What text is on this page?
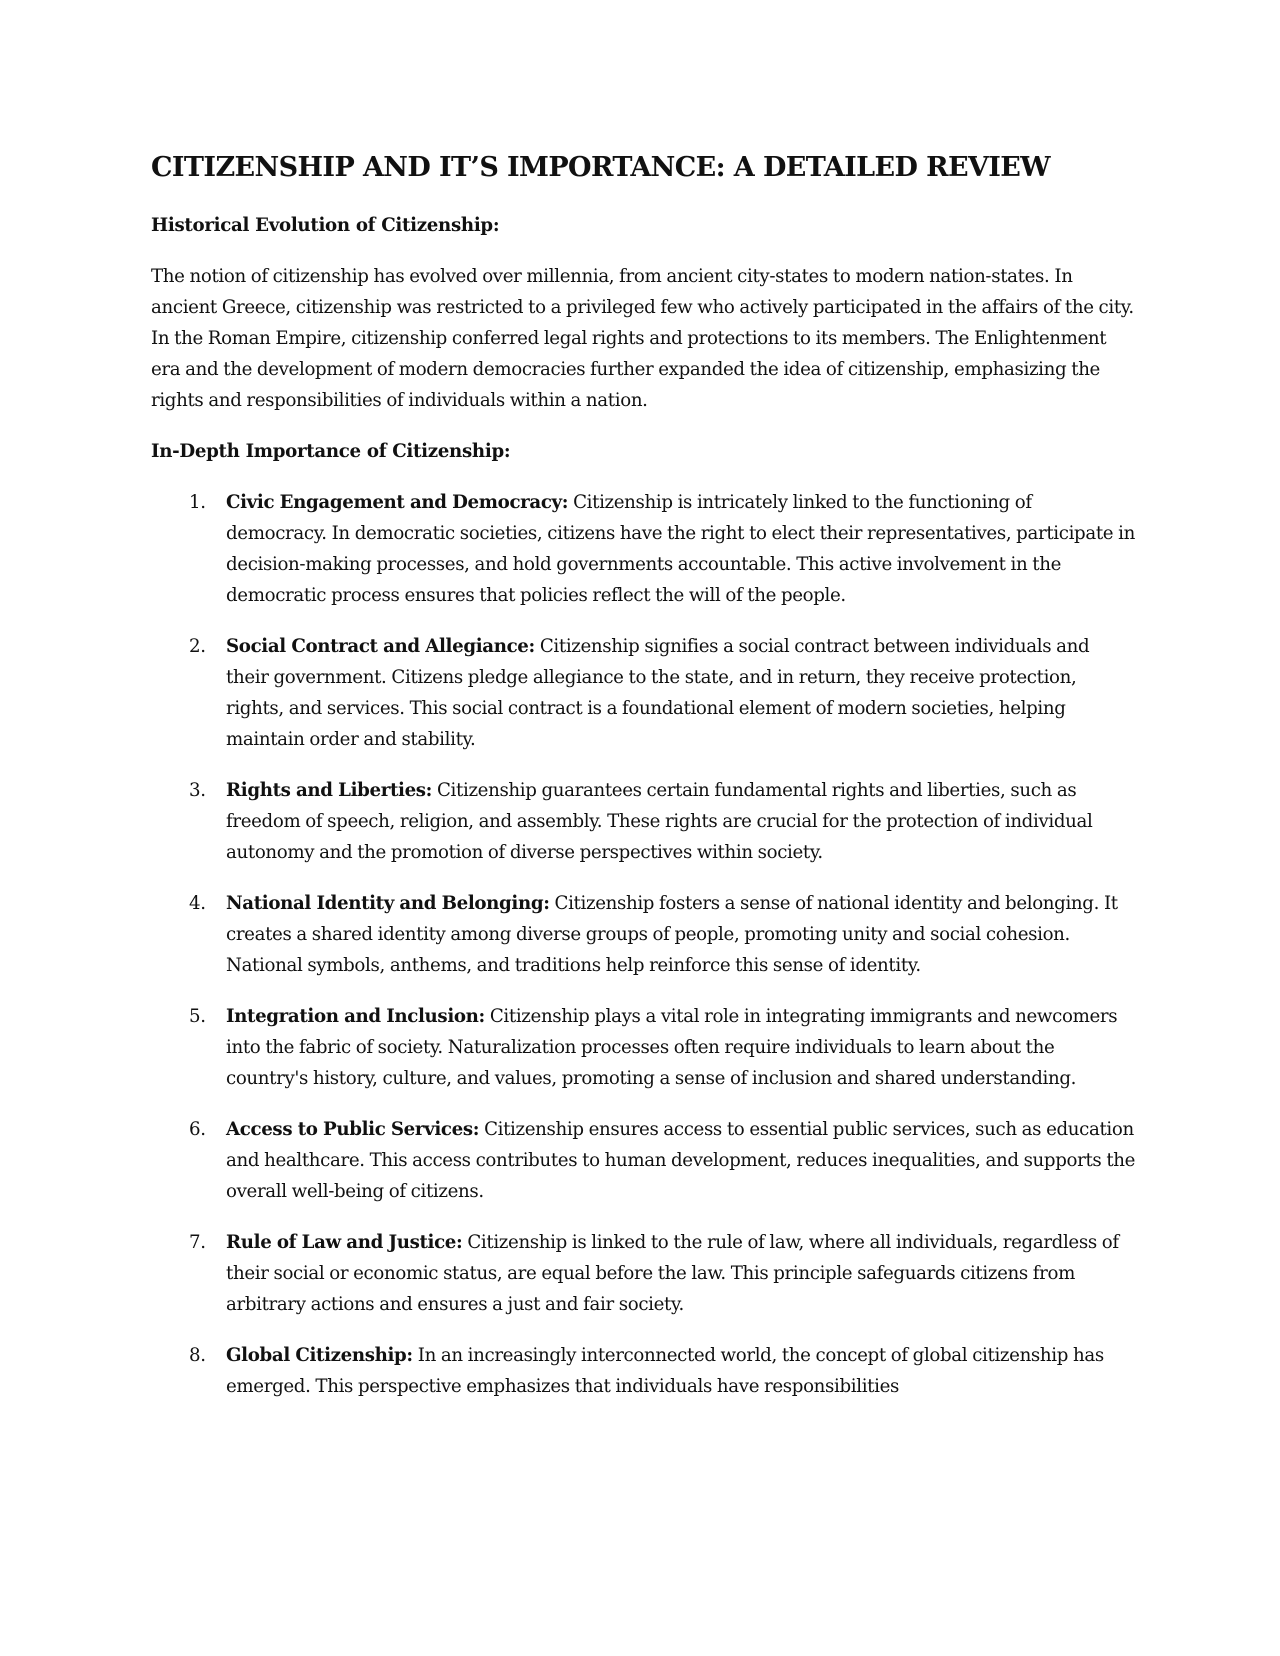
CITIZENSHIP AND IT’S IMPORTANCE: A DETAILED REVIEW
Historical Evolution of Citizenship:

The notion of citizenship has evolved over millennia, from ancient city-states to modern nation-states. In ancient Greece, citizenship was restricted to a privileged few who actively participated in the affairs of the city. In the Roman Empire, citizenship conferred legal rights and protections to its members. The Enlightenment era and the development of modern democracies further expanded the idea of citizenship, emphasizing the rights and responsibilities of individuals within a nation.

In-Depth Importance of Citizenship:
1. Civic Engagement and Democracy: Citizenship is intricately linked to the functioning of democracy. In democratic societies, citizens have the right to elect their representatives, participate in decision-making processes, and hold governments accountable. This active involvement in the democratic process ensures that policies reflect the will of the people.
2. Social Contract and Allegiance: Citizenship signifies a social contract between individuals and their government. Citizens pledge allegiance to the state, and in return, they receive protection, rights, and services. This social contract is a foundational element of modern societies, helping maintain order and stability.
3. Rights and Liberties: Citizenship guarantees certain fundamental rights and liberties, such as freedom of speech, religion, and assembly. These rights are crucial for the protection of individual autonomy and the promotion of diverse perspectives within society.
4. National Identity and Belonging: Citizenship fosters a sense of national identity and belonging. It creates a shared identity among diverse groups of people, promoting unity and social cohesion. National symbols, anthems, and traditions help reinforce this sense of identity.
5. Integration and Inclusion: Citizenship plays a vital role in integrating immigrants and newcomers into the fabric of society. Naturalization processes often require individuals to learn about the country's history, culture, and values, promoting a sense of inclusion and shared understanding.
6. Access to Public Services: Citizenship ensures access to essential public services, such as education and healthcare. This access contributes to human development, reduces inequalities, and supports the overall well-being of citizens.
7. Rule of Law and Justice: Citizenship is linked to the rule of law, where all individuals, regardless of their social or economic status, are equal before the law. This principle safeguards citizens from arbitrary actions and ensures a just and fair society.
8. Global Citizenship: In an increasingly interconnected world, the concept of global citizenship has emerged. This perspective emphasizes that individuals have responsibilities
